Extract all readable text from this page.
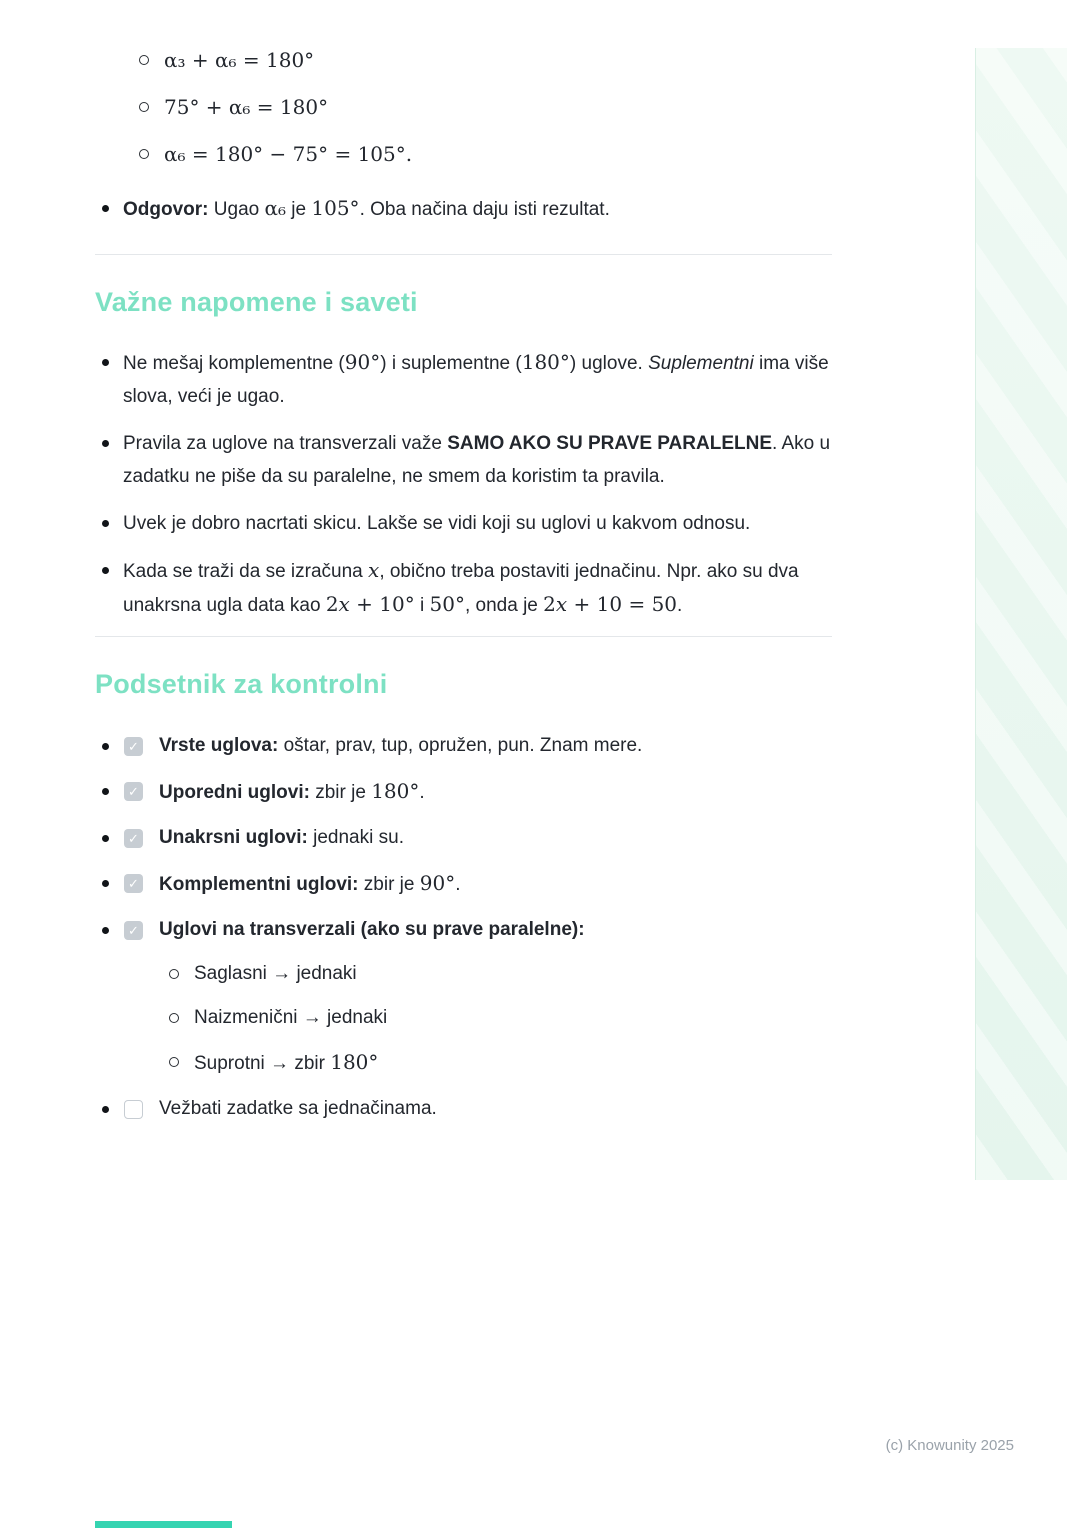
α₃ + α₆ = 180°
75° + α₆ = 180°
α₆ = 180° − 75° = 105°.
Odgovor: Ugao α₆ je 105°. Oba načina daju isti rezultat.
Važne napomene i saveti
Ne mešaj komplementne (90°) i suplementne (180°) uglove. Suplementni ima više slova, veći je ugao.
Pravila za uglove na transverzali važe SAMO AKO SU PRAVE PARALELNE. Ako u zadatku ne piše da su paralelne, ne smem da koristim ta pravila.
Uvek je dobro nacrtati skicu. Lakše se vidi koji su uglovi u kakvom odnosu.
Kada se traži da se izračuna x, obično treba postaviti jednačinu. Npr. ako su dva unakrsna ugla data kao 2x + 10° i 50°, onda je 2x + 10 = 50.
Podsetnik za kontrolni
✓ Vrste uglova: oštar, prav, tup, opružen, pun. Znam mere.
✓ Uporedni uglovi: zbir je 180°.
✓ Unakrsni uglovi: jednaki su.
✓ Komplementni uglovi: zbir je 90°.
✓ Uglovi na transverzali (ako su prave paralelne):
Saglasni → jednaki
Naizmenični → jednaki
Suprotni → zbir 180°
Vežbati zadatke sa jednačinama.
(c) Knowunity 2025
